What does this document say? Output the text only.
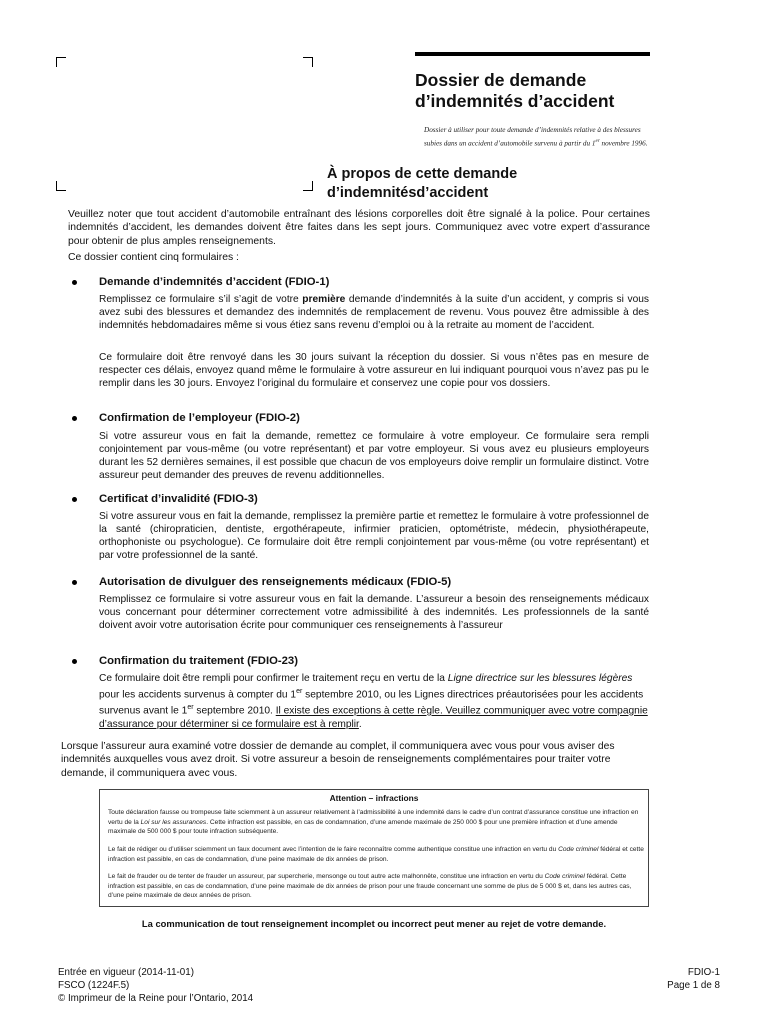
Dossier de demande
d’indemnités d’accident
Dossier à utiliser pour toute demande d’indemnités relative à des blessures subies dans un accident d’automobile survenu à partir du 1er novembre 1996.
À propos de cette demande
d’indemnitésd’accident
Veuillez noter que tout accident d’automobile entraînant des lésions corporelles doit être signalé à la police. Pour certaines indemnités d’accident, les demandes doivent être faites dans les sept jours. Communiquez avec votre expert d’assurance pour obtenir de plus amples renseignements.
Ce dossier contient cinq formulaires :
Demande d’indemnités d’accident (FDIO-1)
Remplissez ce formulaire s’il s’agit de votre première demande d’indemnités à la suite d’un accident, y compris si vous avez subi des blessures et demandez des indemnités de remplacement de revenu. Vous pouvez être admissible à des indemnités hebdomadaires même si vous étiez sans revenu d’emploi ou à la retraite au moment de l’accident.
Ce formulaire doit être renvoyé dans les 30 jours suivant la réception du dossier. Si vous n’êtes pas en mesure de respecter ces délais, envoyez quand même le formulaire à votre assureur en lui indiquant pourquoi vous n’avez pas pu le remplir dans les 30 jours. Envoyez l’original du formulaire et conservez une copie pour vos dossiers.
Confirmation de l’employeur (FDIO-2)
Si votre assureur vous en fait la demande, remettez ce formulaire à votre employeur. Ce formulaire sera rempli conjointement par vous-même (ou votre représentant) et par votre employeur. Si vous avez eu plusieurs employeurs durant les 52 dernières semaines, il est possible que chacun de vos employeurs doive remplir un formulaire distinct. Votre assureur peut demander des preuves de revenu additionnelles.
Certificat d’invalidité (FDIO-3)
Si votre assureur vous en fait la demande, remplissez la première partie et remettez le formulaire à votre professionnel de la santé (chiropraticien, dentiste, ergothérapeute, infirmier praticien, optométriste, médecin, physiothérapeute, orthophoniste ou psychologue). Ce formulaire doit être rempli conjointement par vous-même (ou votre représentant) et par votre professionnel de la santé.
Autorisation de divulguer des renseignements médicaux (FDIO-5)
Remplissez ce formulaire si votre assureur vous en fait la demande. L’assureur a besoin des renseignements médicaux vous concernant pour déterminer correctement votre admissibilité à des indemnités. Les professionnels de la santé doivent avoir votre autorisation écrite pour communiquer ces renseignements à l’assureur
Confirmation du traitement (FDIO-23)
Ce formulaire doit être rempli pour confirmer le traitement reçu en vertu de la Ligne directrice sur les blessures légères pour les accidents survenus à compter du 1er septembre 2010, ou les Lignes directrices préautorisées pour les accidents survenus avant le 1er septembre 2010. Il existe des exceptions à cette règle. Veuillez communiquer avec votre compagnie d’assurance pour déterminer si ce formulaire est à remplir.
Lorsque l’assureur aura examiné votre dossier de demande au complet, il communiquera avec vous pour vous aviser des indemnités auxquelles vous avez droit. Si votre assureur a besoin de renseignements complémentaires pour traiter votre demande, il communiquera avec vous.
Attention – infractions
Toute déclaration fausse ou trompeuse faite sciemment à un assureur relativement à l’admissibilité à une indemnité dans le cadre d’un contrat d’assurance constitue une infraction en vertu de la Loi sur les assurances. Cette infraction est passible, en cas de condamnation, d’une amende maximale de 250 000 $ pour une première infraction et d’une amende maximale de 500 000 $ pour toute infraction subséquente.
Le fait de rédiger ou d’utiliser sciemment un faux document avec l’intention de le faire reconnaître comme authentique constitue une infraction en vertu du Code criminel fédéral et cette infraction est passible, en cas de condamnation, d’une peine maximale de dix années de prison.
Le fait de frauder ou de tenter de frauder un assureur, par supercherie, mensonge ou tout autre acte malhonnête, constitue une infraction en vertu du Code criminel fédéral. Cette infraction est passible, en cas de condamnation, d’une peine maximale de dix années de prison pour une fraude concernant une somme de plus de 5 000 $ et, dans les autres cas, d’une peine maximale de deux années de prison.
La communication de tout renseignement incomplet ou incorrect peut mener au rejet de votre demande.
Entrée en vigueur (2014-11-01)
FSCO (1224F.5)
© Imprimeur de la Reine pour l’Ontario, 2014
FDIO-1
Page 1 de 8
